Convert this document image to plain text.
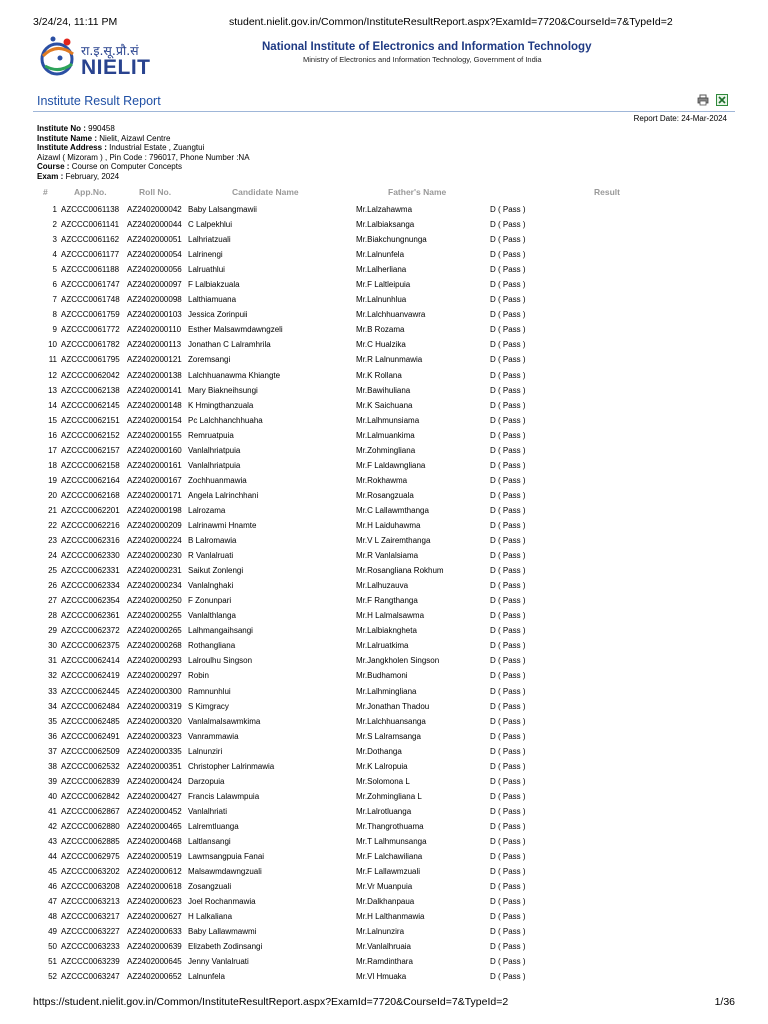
3/24/24, 11:11 PM	student.nielit.gov.in/Common/InstituteResultReport.aspx?ExamId=7720&CourseId=7&TypeId=2
रा.इ.सू.प्रौ.सं
NIELIT
National Institute of Electronics and Information Technology
Ministry of Electronics and Information Technology, Government of India
Institute Result Report

Report Date: 24-Mar-2024
Institute No : 990458
Institute Name : Nielit, Aizawl Centre
Institute Address : Industrial Estate , Zuangtui
Aizawl ( Mizoram ) , Pin Code : 796017, Phone Number :NA
Course : Course on Computer Concepts
Exam : February, 2024
#	App.No.	Roll No.	Candidate Name	Father's Name	Result
1	AZCCC0061138	AZ2402000042	Baby Lalsangmawii	Mr.Lalzahawma	D ( Pass )
2	AZCCC0061141	AZ2402000044	C Lalpekhlui	Mr.Lalbiaksanga	D ( Pass )
3	AZCCC0061162	AZ2402000051	Lalhriatzuali	Mr.Biakchungnunga	D ( Pass )
4	AZCCC0061177	AZ2402000054	Lalrinengi	Mr.Lalnunfela	D ( Pass )
5	AZCCC0061188	AZ2402000056	Lalruathlui	Mr.Lalherliana	D ( Pass )
6	AZCCC0061747	AZ2402000097	F Lalbiakzuala	Mr.F Laltleipuia	D ( Pass )
7	AZCCC0061748	AZ2402000098	Lalthiamuana	Mr.Lalnunhlua	D ( Pass )
8	AZCCC0061759	AZ2402000103	Jessica Zorinpuii	Mr.Lalchhuanvawra	D ( Pass )
9	AZCCC0061772	AZ2402000110	Esther Malsawmdawngzeli	Mr.B Rozama	D ( Pass )
10	AZCCC0061782	AZ2402000113	Jonathan C Lalramhrila	Mr.C Hualzika	D ( Pass )
11	AZCCC0061795	AZ2402000121	Zoremsangi	Mr.R Lalnunmawia	D ( Pass )
12	AZCCC0062042	AZ2402000138	Lalchhuanawma Khiangte	Mr.K Rollana	D ( Pass )
13	AZCCC0062138	AZ2402000141	Mary Biakneihsungi	Mr.Bawihuliana	D ( Pass )
14	AZCCC0062145	AZ2402000148	K Hmingthanzuala	Mr.K Saichuana	D ( Pass )
15	AZCCC0062151	AZ2402000154	Pc Lalchhanchhuaha	Mr.Lalhmunsiama	D ( Pass )
16	AZCCC0062152	AZ2402000155	Remruatpuia	Mr.Lalmuankima	D ( Pass )
17	AZCCC0062157	AZ2402000160	Vanlalhriatpuia	Mr.Zohmingliana	D ( Pass )
18	AZCCC0062158	AZ2402000161	Vanlalhriatpuia	Mr.F Laldawngliana	D ( Pass )
19	AZCCC0062164	AZ2402000167	Zochhuanmawia	Mr.Rokhawma	D ( Pass )
20	AZCCC0062168	AZ2402000171	Angela Lalrinchhani	Mr.Rosangzuala	D ( Pass )
21	AZCCC0062201	AZ2402000198	Lalrozama	Mr.C Lallawmthanga	D ( Pass )
22	AZCCC0062216	AZ2402000209	Lalrinawmi Hnamte	Mr.H Laiduhawma	D ( Pass )
23	AZCCC0062316	AZ2402000224	B Lalromawia	Mr.V L Zairemthanga	D ( Pass )
24	AZCCC0062330	AZ2402000230	R Vanlalruati	Mr.R Vanlalsiama	D ( Pass )
25	AZCCC0062331	AZ2402000231	Saikut Zonlengi	Mr.Rosangliana Rokhum	D ( Pass )
26	AZCCC0062334	AZ2402000234	Vanlalnghaki	Mr.Lalhuzauva	D ( Pass )
27	AZCCC0062354	AZ2402000250	F Zonunpari	Mr.F Rangthanga	D ( Pass )
28	AZCCC0062361	AZ2402000255	Vanlalthlanga	Mr.H Lalmalsawma	D ( Pass )
29	AZCCC0062372	AZ2402000265	Lalhmangaihsangi	Mr.Lalbiakngheta	D ( Pass )
30	AZCCC0062375	AZ2402000268	Rothangliana	Mr.Lalruatkima	D ( Pass )
31	AZCCC0062414	AZ2402000293	Lalroulhu Singson	Mr.Jangkholen Singson	D ( Pass )
32	AZCCC0062419	AZ2402000297	Robin	Mr.Budhamoni	D ( Pass )
33	AZCCC0062445	AZ2402000300	Ramnunhlui	Mr.Lalhmingliana	D ( Pass )
34	AZCCC0062484	AZ2402000319	S Kimgracy	Mr.Jonathan Thadou	D ( Pass )
35	AZCCC0062485	AZ2402000320	Vanlalmalsawmkima	Mr.Lalchhuansanga	D ( Pass )
36	AZCCC0062491	AZ2402000323	Vanrammawia	Mr.S Lalramsanga	D ( Pass )
37	AZCCC0062509	AZ2402000335	Lalnunziri	Mr.Dothanga	D ( Pass )
38	AZCCC0062532	AZ2402000351	Christopher Lalrinmawia	Mr.K Lalropuia	D ( Pass )
39	AZCCC0062839	AZ2402000424	Darzopuia	Mr.Solomona L	D ( Pass )
40	AZCCC0062842	AZ2402000427	Francis Lalawmpuia	Mr.Zohmingliana L	D ( Pass )
41	AZCCC0062867	AZ2402000452	Vanlalhriati	Mr.Lalrotluanga	D ( Pass )
42	AZCCC0062880	AZ2402000465	Lalremtluanga	Mr.Thangrothuama	D ( Pass )
43	AZCCC0062885	AZ2402000468	Laltlansangi	Mr.T Lalhmunsanga	D ( Pass )
44	AZCCC0062975	AZ2402000519	Lawmsangpuia Fanai	Mr.F Lalchawiliana	D ( Pass )
45	AZCCC0063202	AZ2402000612	Malsawmdawngzuali	Mr.F Lallawmzuali	D ( Pass )
46	AZCCC0063208	AZ2402000618	Zosangzuali	Mr.Vr Muanpuia	D ( Pass )
47	AZCCC0063213	AZ2402000623	Joel Rochanmawia	Mr.Dalkhanpaua	D ( Pass )
48	AZCCC0063217	AZ2402000627	H Lalkaliana	Mr.H Lalthanmawia	D ( Pass )
49	AZCCC0063227	AZ2402000633	Baby Lallawmawmi	Mr.Lalnunzira	D ( Pass )
50	AZCCC0063233	AZ2402000639	Elizabeth Zodinsangi	Mr.Vanlalhruaia	D ( Pass )
51	AZCCC0063239	AZ2402000645	Jenny Vanlalruati	Mr.Ramdinthara	D ( Pass )
52	AZCCC0063247	AZ2402000652	Lalnunfela	Mr.Vl Hmuaka	D ( Pass )
https://student.nielit.gov.in/Common/InstituteResultReport.aspx?ExamId=7720&CourseId=7&TypeId=2	1/36
